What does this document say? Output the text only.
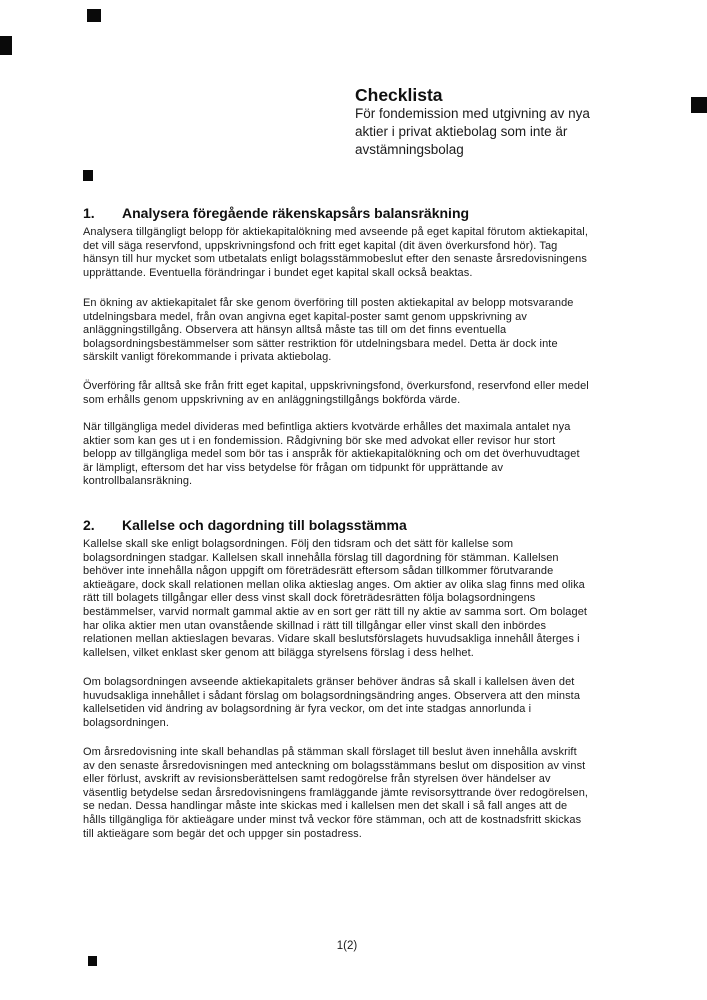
Checklista
För fondemission med utgivning av nya
aktier i privat aktiebolag som inte är
avstämningsbolag
1. Analysera föregående räkenskapsårs balansräkning
Analysera tillgängligt belopp för aktiekapitalökning med avseende på eget kapital förutom aktiekapital,
det vill säga reservfond, uppskrivningsfond och fritt eget kapital (dit även överkursfond hör). Tag
hänsyn till hur mycket som utbetalats enligt bolagsstämmobeslut efter den senaste årsredovisningens
upprättande. Eventuella förändringar i bundet eget kapital skall också beaktas.
En ökning av aktiekapitalet får ske genom överföring till posten aktiekapital av belopp motsvarande
utdelningsbara medel, från ovan angivna eget kapital-poster samt genom uppskrivning av
anläggningstillgång. Observera att hänsyn alltså måste tas till om det finns eventuella
bolagsordningsbestämmelser som sätter restriktion för utdelningsbara medel. Detta är dock inte
särskilt vanligt förekommande i privata aktiebolag.
Överföring får alltså ske från fritt eget kapital, uppskrivningsfond, överkursfond, reservfond eller medel
som erhålls genom uppskrivning av en anläggningstillgångs bokförda värde.
När tillgängliga medel divideras med befintliga aktiers kvotvärde erhålles det maximala antalet nya
aktier som kan ges ut i en fondemission. Rådgivning bör ske med advokat eller revisor hur stort
belopp av tillgängliga medel som bör tas i anspråk för aktiekapitalökning och om det överhuvudtaget
är lämpligt, eftersom det har viss betydelse för frågan om tidpunkt för upprättande av
kontrollbalansräkning.
2. Kallelse och dagordning till bolagsstämma
Kallelse skall ske enligt bolagsordningen. Följ den tidsram och det sätt för kallelse som
bolagsordningen stadgar. Kallelsen skall innehålla förslag till dagordning för stämman. Kallelsen
behöver inte innehålla någon uppgift om företrädesrätt eftersom sådan tillkommer förutvarande
aktieägare, dock skall relationen mellan olika aktieslag anges. Om aktier av olika slag finns med olika
rätt till bolagets tillgångar eller dess vinst skall dock företrädesrätten följa bolagsordningens
bestämmelser, varvid normalt gammal aktie av en sort ger rätt till ny aktie av samma sort. Om bolaget
har olika aktier men utan ovanstående skillnad i rätt till tillgångar eller vinst skall den inbördes
relationen mellan aktieslagen bevaras. Vidare skall beslutsförslagets huvudsakliga innehåll återges i
kallelsen, vilket enklast sker genom att bilägga styrelsens förslag i dess helhet.
Om bolagsordningen avseende aktiekapitalets gränser behöver ändras så skall i kallelsen även det
huvudsakliga innehållet i sådant förslag om bolagsordningsändring anges. Observera att den minsta
kallelsetiden vid ändring av bolagsordning är fyra veckor, om det inte stadgas annorlunda i
bolagsordningen.
Om årsredovisning inte skall behandlas på stämman skall förslaget till beslut även innehålla avskrift
av den senaste årsredovisningen med anteckning om bolagsstämmans beslut om disposition av vinst
eller förlust, avskrift av revisionsberättelsen samt redogörelse från styrelsen över händelser av
väsentlig betydelse sedan årsredovisningens framläggande jämte revisorsyttrande över redogörelsen,
se nedan. Dessa handlingar måste inte skickas med i kallelsen men det skall i så fall anges att de
hålls tillgängliga för aktieägare under minst två veckor före stämman, och att de kostnadsfritt skickas
till aktieägare som begär det och uppger sin postadress.
1(2)
